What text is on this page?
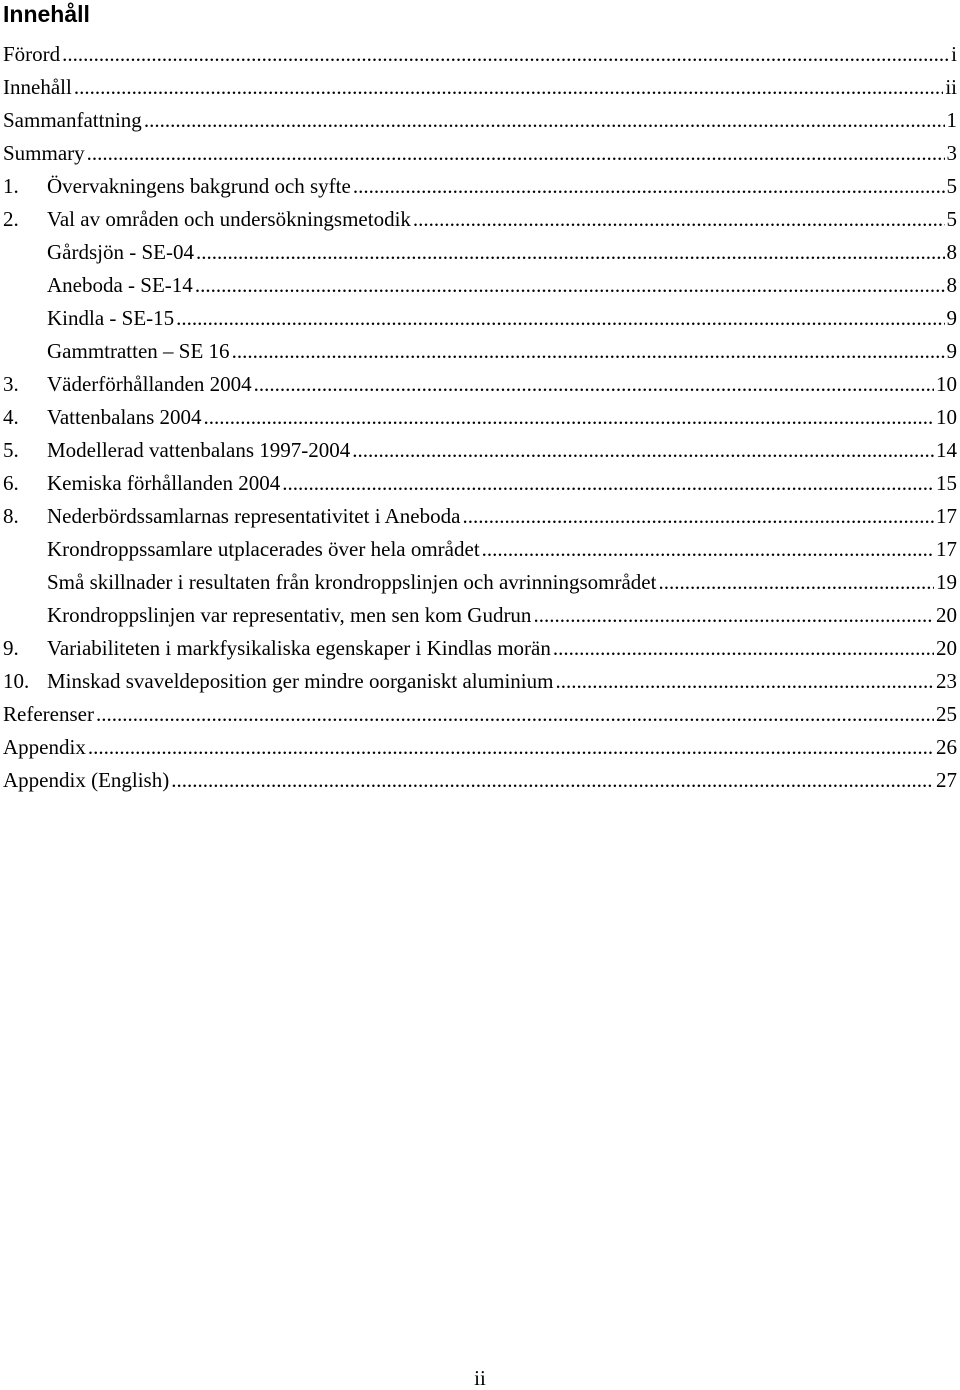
Innehåll
Förord .....	i
Innehåll .....	ii
Sammanfattning .....	1
Summary .....	3
1.	Övervakningens bakgrund och syfte .....	5
2.	Val av områden och undersökningsmetodik .....	5
Gårdsjön - SE-04 .....	8
Aneboda - SE-14 .....	8
Kindla - SE-15 .....	9
Gammtratten – SE 16 .....	9
3.	Väderförhållanden 2004 .....	10
4.	Vattenbalans 2004 .....	10
5.	Modellerad vattenbalans 1997-2004 .....	14
6.	Kemiska förhållanden 2004 .....	15
8.	Nederbördssamlarnas representativitet i Aneboda .....	17
Krondroppssamlare utplacerades över hela området .....	17
Små skillnader i resultaten från krondroppslinjen och avrinningsområdet .....	19
Krondroppslinjen var representativ, men sen kom Gudrun .....	20
9.	Variabiliteten i markfysikaliska egenskaper i Kindlas morän .....	20
10. Minskad svaveldeposition ger mindre oorganiskt aluminium .....	23
Referenser .....	25
Appendix .....	26
Appendix (English) .....	27
ii
